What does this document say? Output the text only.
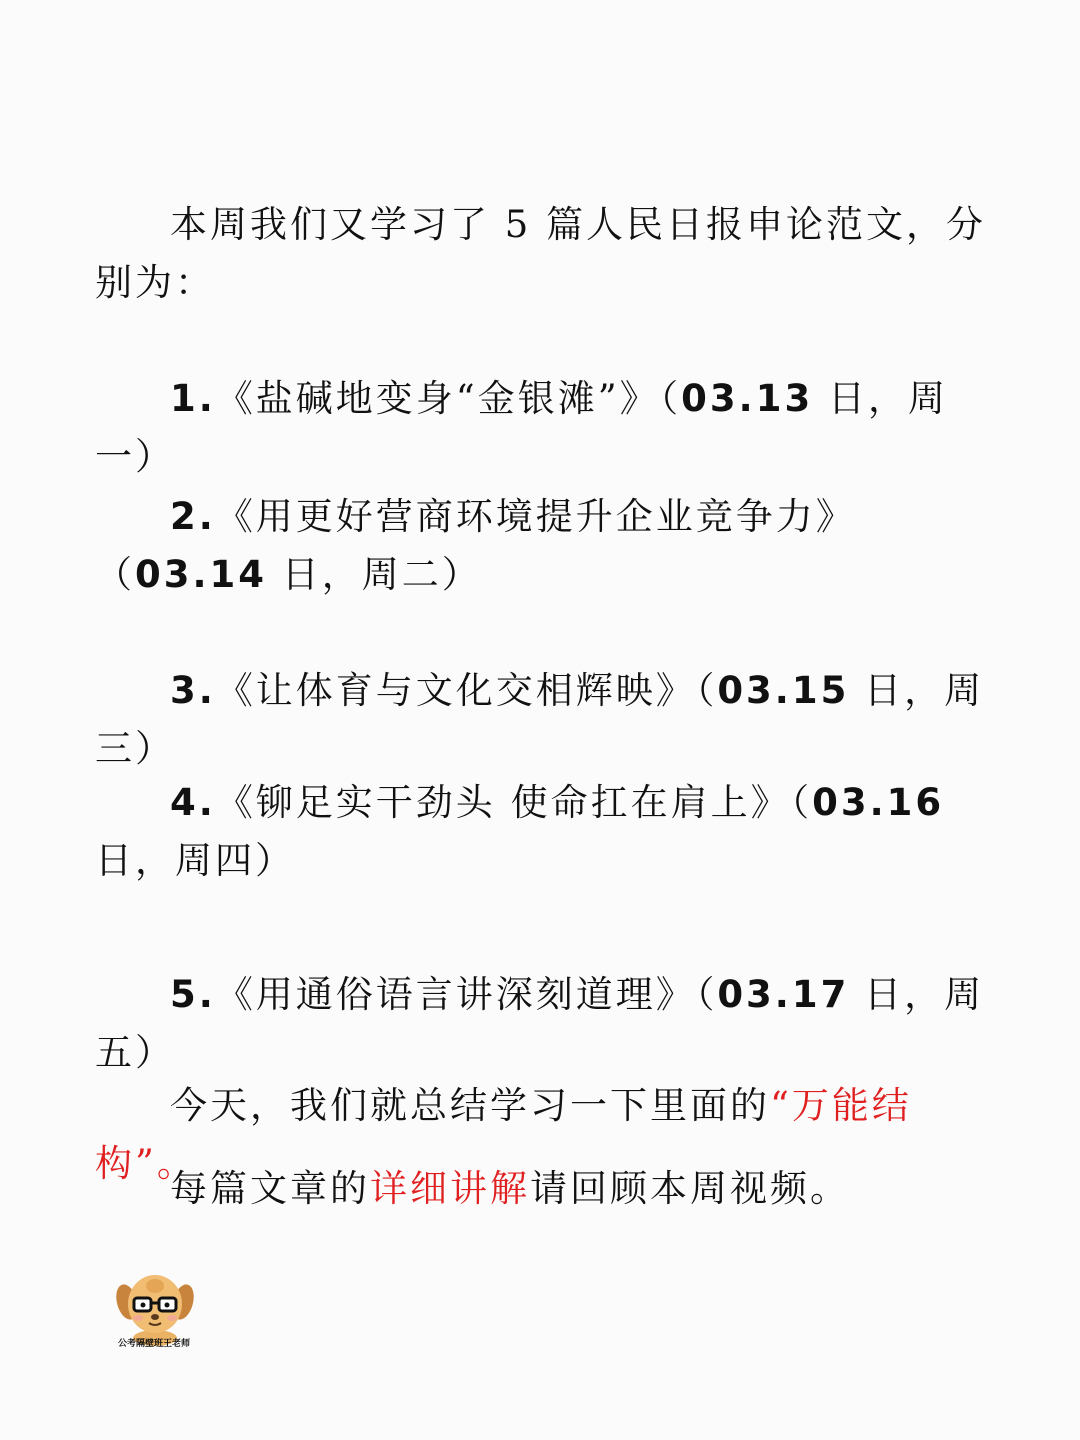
本周我们又学习了 5 篇人民日报申论范文，分别为：

1.《盐碱地变身“金银滩”》（03.13 日，周一）

2.《用更好营商环境提升企业竞争力》（03.14 日，周二）

3.《让体育与文化交相辉映》（03.15 日，周三）

4.《铆足实干劲头 使命扛在肩上》（03.16日，周四）

5.《用通俗语言讲深刻道理》（03.17 日，周五）

今天，我们就总结学习一下里面的“万能结构”。

每篇文章的详细讲解请回顾本周视频。

公考隔壁班王老师
